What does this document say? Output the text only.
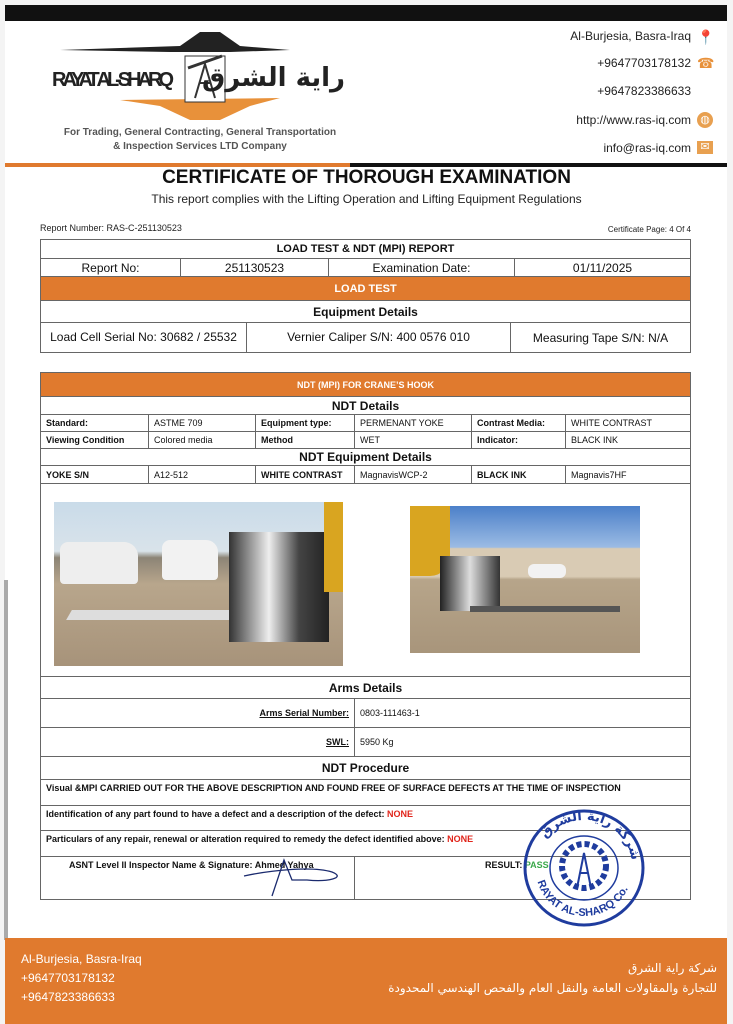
RAYAT AL-SHARQ راية الشرق
For Trading, General Contracting, General Transportation
& Inspection Services LTD Company
Al-Burjesia, Basra-Iraq 📍
+9647703178132 ☎
+9647823386633
http://www.ras-iq.com ◍
info@ras-iq.com ✉
CERTIFICATE OF THOROUGH EXAMINATION
This report complies with the Lifting Operation and Lifting Equipment Regulations
Report Number: RAS-C-251130523	Certificate Page: 4 Of 4
LOAD TEST & NDT (MPI) REPORT
Report No:	251130523	Examination Date:	01/11/2025
LOAD TEST
Equipment Details

Load Cell Serial No: 30682 / 25532	Vernier Caliper S/N: 400 0576 010	Measuring Tape S/N: N/A
NDT (MPI) FOR CRANE’S HOOK					
NDT Details					
Standard:	ASTME 709	Equipment type:	PERMENANT YOKE	Contrast Media:	WHITE CONTRAST
Viewing Condition	Colored media	Method	WET	Indicator:	BLACK INK
NDT Equipment Details					
YOKE S/N	A12-512	WHITE CONTRAST	MagnavisWCP-2	BLACK INK	Magnavis7HF

Arms Details					
Arms Serial Number:			0803-111463-1		
SWL:			5950 Kg		
NDT Procedure					
Visual &MPI CARRIED OUT FOR THE ABOVE DESCRIPTION AND FOUND FREE OF SURFACE DEFECTS AT THE TIME OF INSPECTION					
Identification of any part found to have a defect and a description of the defect: NONE					
Particulars of any repair, renewal or alteration required to remedy the defect identified above: NONE					
ASNT Level II Inspector Name & Signature: Ahmed Yahya			RESULT: PASS		
شركة راية الشرق
RAYAT AL-SHARQ Co.
Al-Burjesia, Basra-Iraq
+9647703178132
+9647823386633
شركة راية الشرق
للتجارة والمقاولات العامة والنقل العام والفحص الهندسي المحدودة
